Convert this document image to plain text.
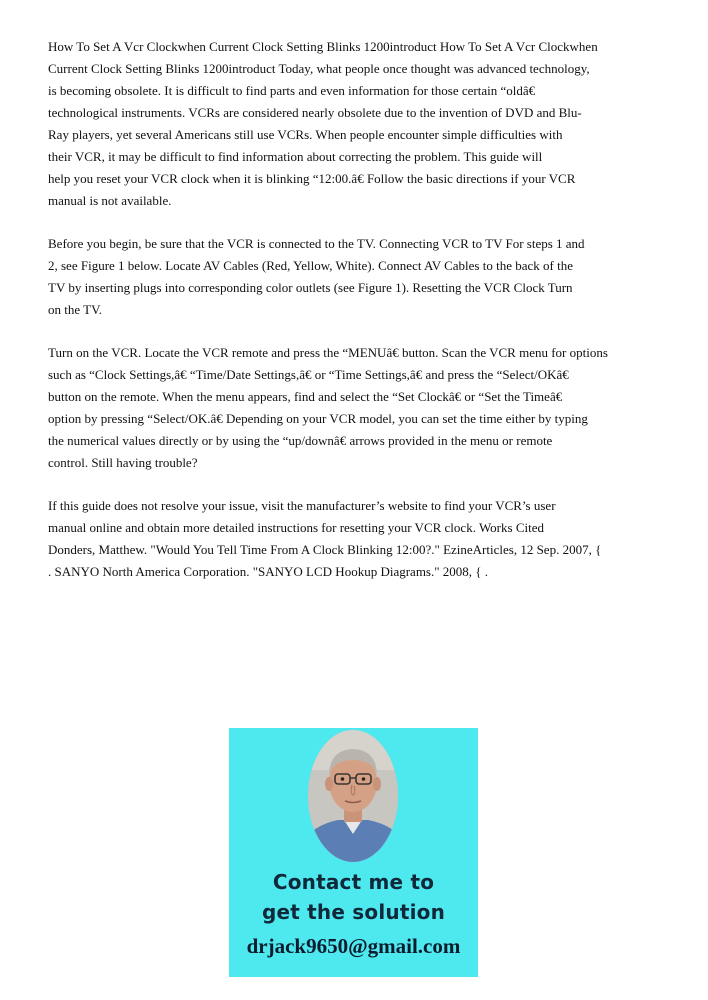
How To Set A Vcr Clockwhen Current Clock Setting Blinks 1200introduct How To Set A Vcr Clockwhen
Current Clock Setting Blinks 1200introduct Today, what people once thought was advanced technology,
is becoming obsolete. It is difficult to find parts and even information for those certain “oldâ€
technological instruments. VCRs are considered nearly obsolete due to the invention of DVD and Blu-
Ray players, yet several Americans still use VCRs. When people encounter simple difficulties with
their VCR, it may be difficult to find information about correcting the problem. This guide will
help you reset your VCR clock when it is blinking “12:00.â€ Follow the basic directions if your VCR
manual is not available.

Before you begin, be sure that the VCR is connected to the TV. Connecting VCR to TV For steps 1 and
2, see Figure 1 below. Locate AV Cables (Red, Yellow, White). Connect AV Cables to the back of the
TV by inserting plugs into corresponding color outlets (see Figure 1). Resetting the VCR Clock Turn
on the TV.

Turn on the VCR. Locate the VCR remote and press the “MENUâ€ button. Scan the VCR menu for options
such as “Clock Settings,â€ “Time/Date Settings,â€ or “Time Settings,â€ and press the “Select/OKâ€
button on the remote. When the menu appears, find and select the “Set Clockâ€ or “Set the Timeâ€
option by pressing “Select/OK.â€ Depending on your VCR model, you can set the time either by typing
the numerical values directly or by using the “up/downâ€ arrows provided in the menu or remote
control. Still having trouble?

If this guide does not resolve your issue, visit the manufacturer’s website to find your VCR’s user
manual online and obtain more detailed instructions for resetting your VCR clock. Works Cited
Donders, Matthew. "Would You Tell Time From A Clock Blinking 12:00?." EzineArticles, 12 Sep. 2007, {
. SANYO North America Corporation. "SANYO LCD Hookup Diagrams." 2008, { .

Contact me to
get the solution
drjack9650@gmail.com
